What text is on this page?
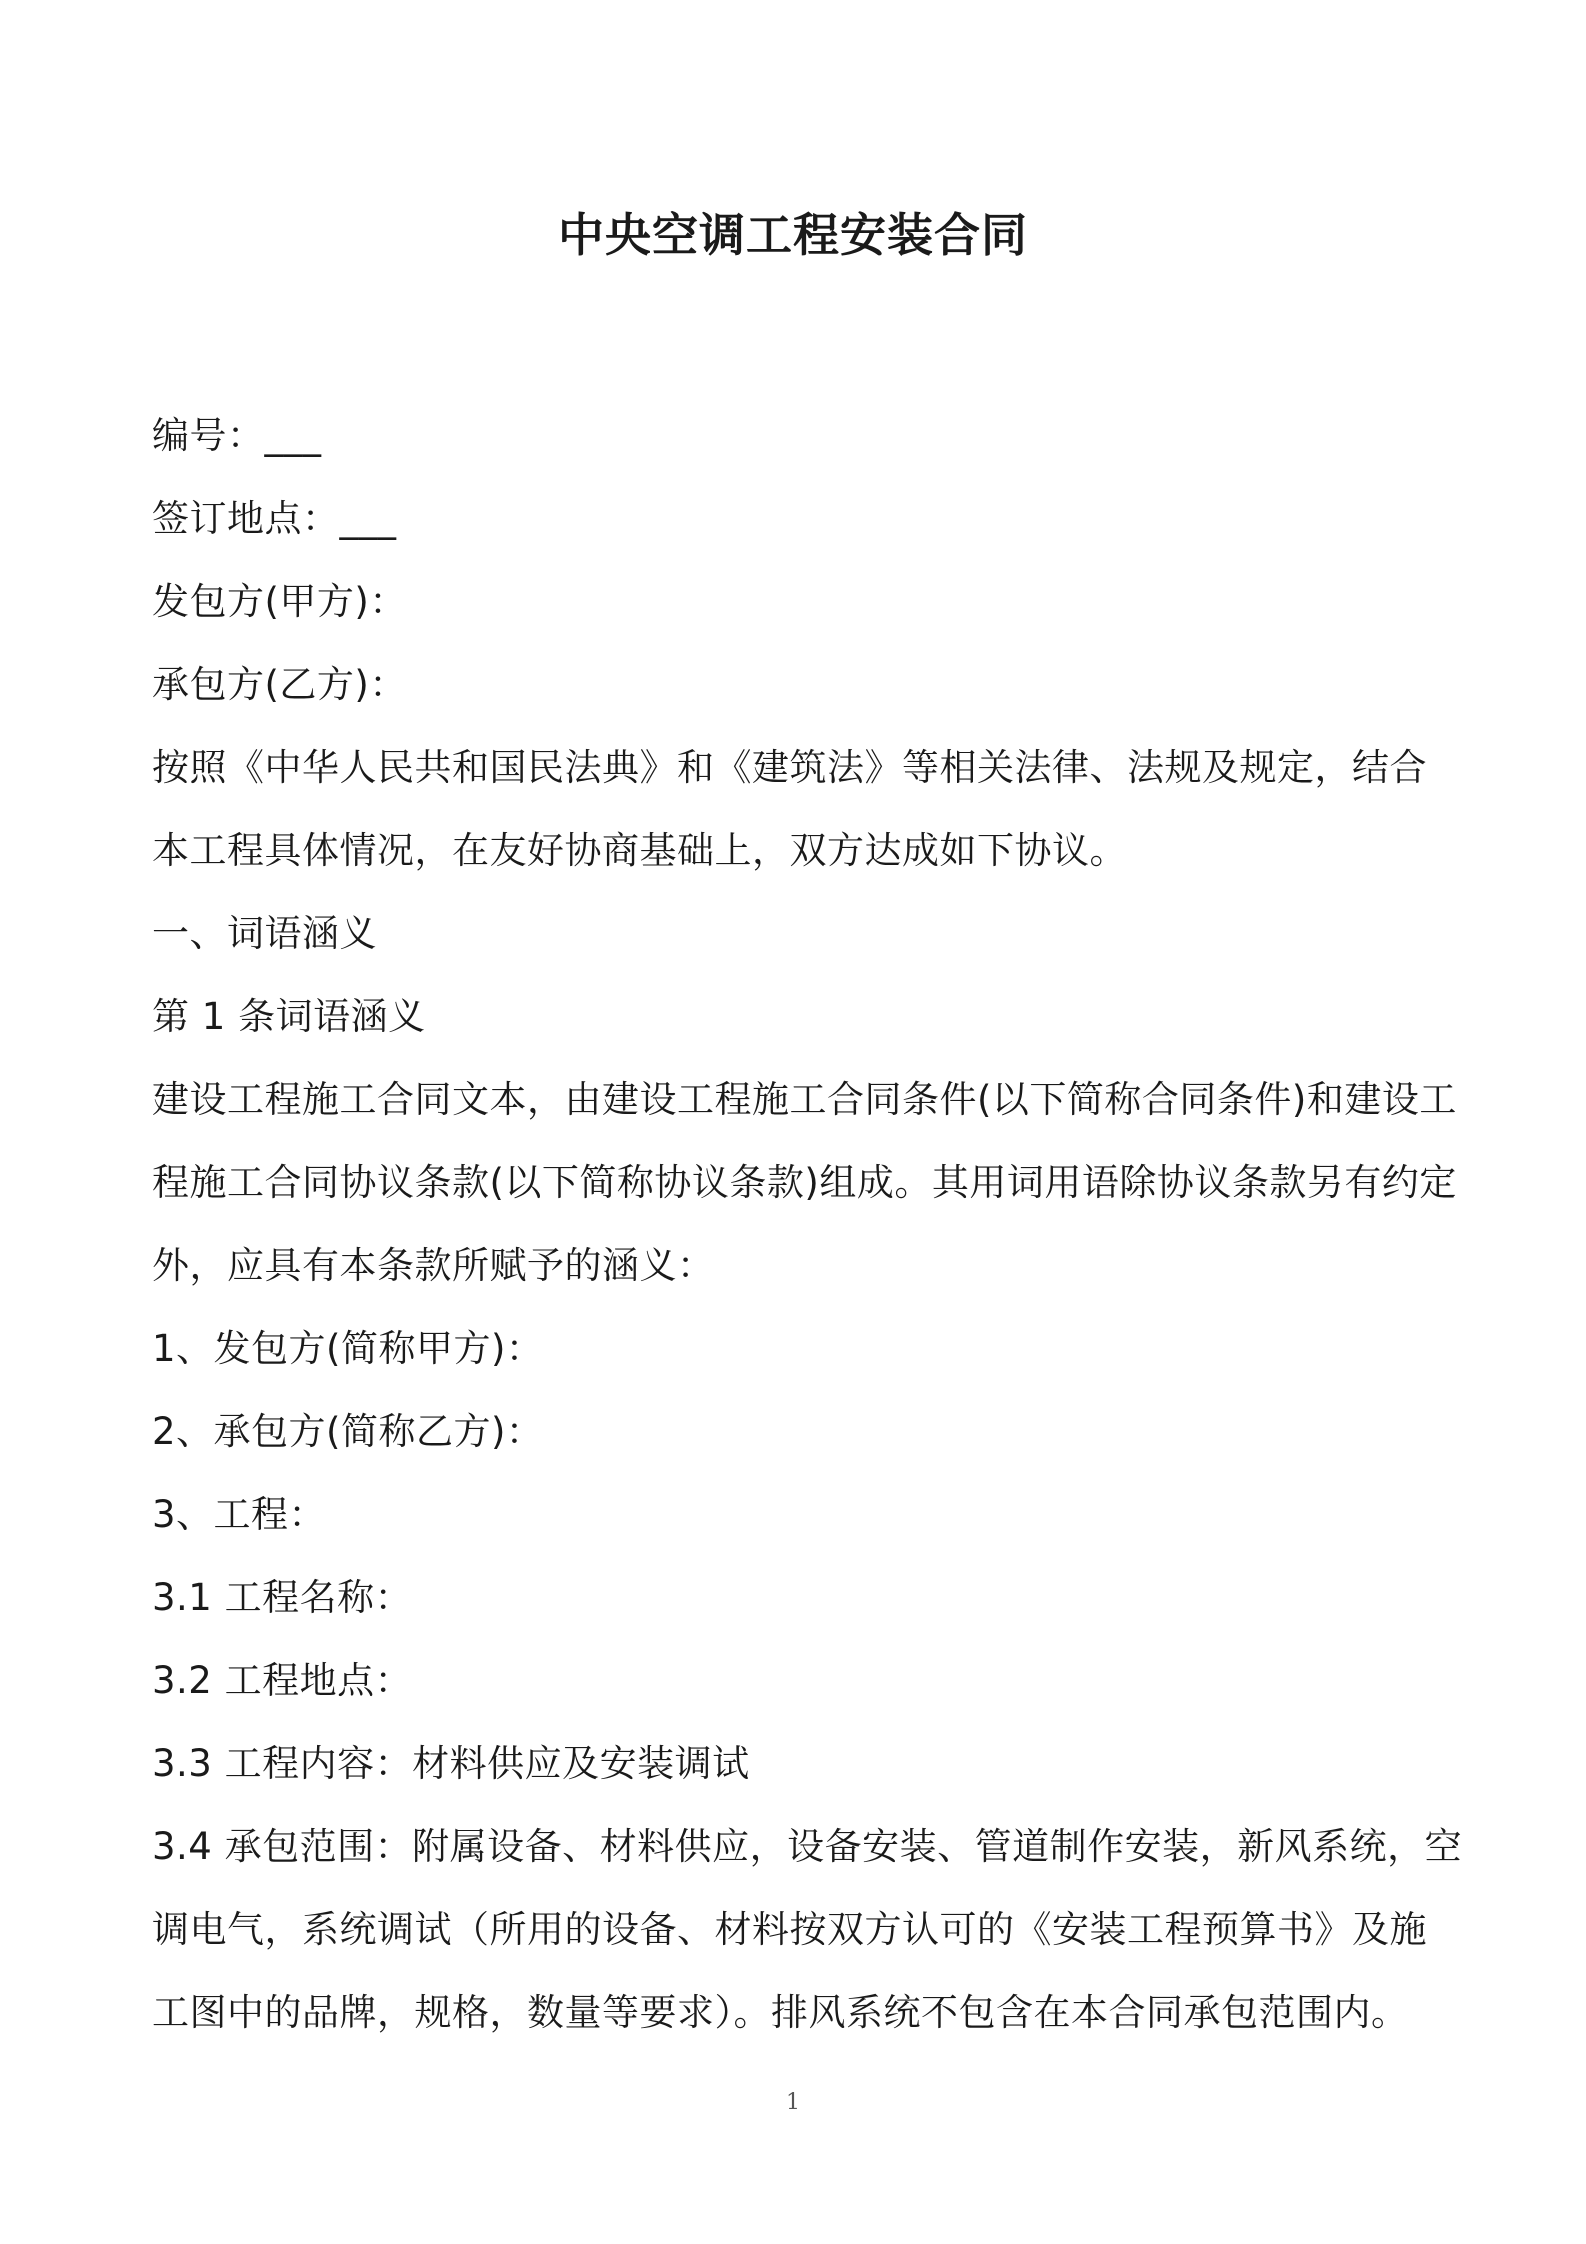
中央空调工程安装合同
编号：___
签订地点：___
发包方(甲方)：
承包方(乙方)：
按照《中华人民共和国民法典》和《建筑法》等相关法律、法规及规定，结合
本工程具体情况，在友好协商基础上，双方达成如下协议。
一、词语涵义
第 1 条词语涵义
建设工程施工合同文本，由建设工程施工合同条件(以下简称合同条件)和建设工
程施工合同协议条款(以下简称协议条款)组成。其用词用语除协议条款另有约定
外，应具有本条款所赋予的涵义：
1、发包方(简称甲方)：
2、承包方(简称乙方)：
3、工程：
3.1 工程名称：
3.2 工程地点：
3.3 工程内容：材料供应及安装调试
3.4 承包范围：附属设备、材料供应，设备安装、管道制作安装，新风系统，空
调电气，系统调试（所用的设备、材料按双方认可的《安装工程预算书》及施
工图中的品牌，规格，数量等要求）。排风系统不包含在本合同承包范围内。
1
